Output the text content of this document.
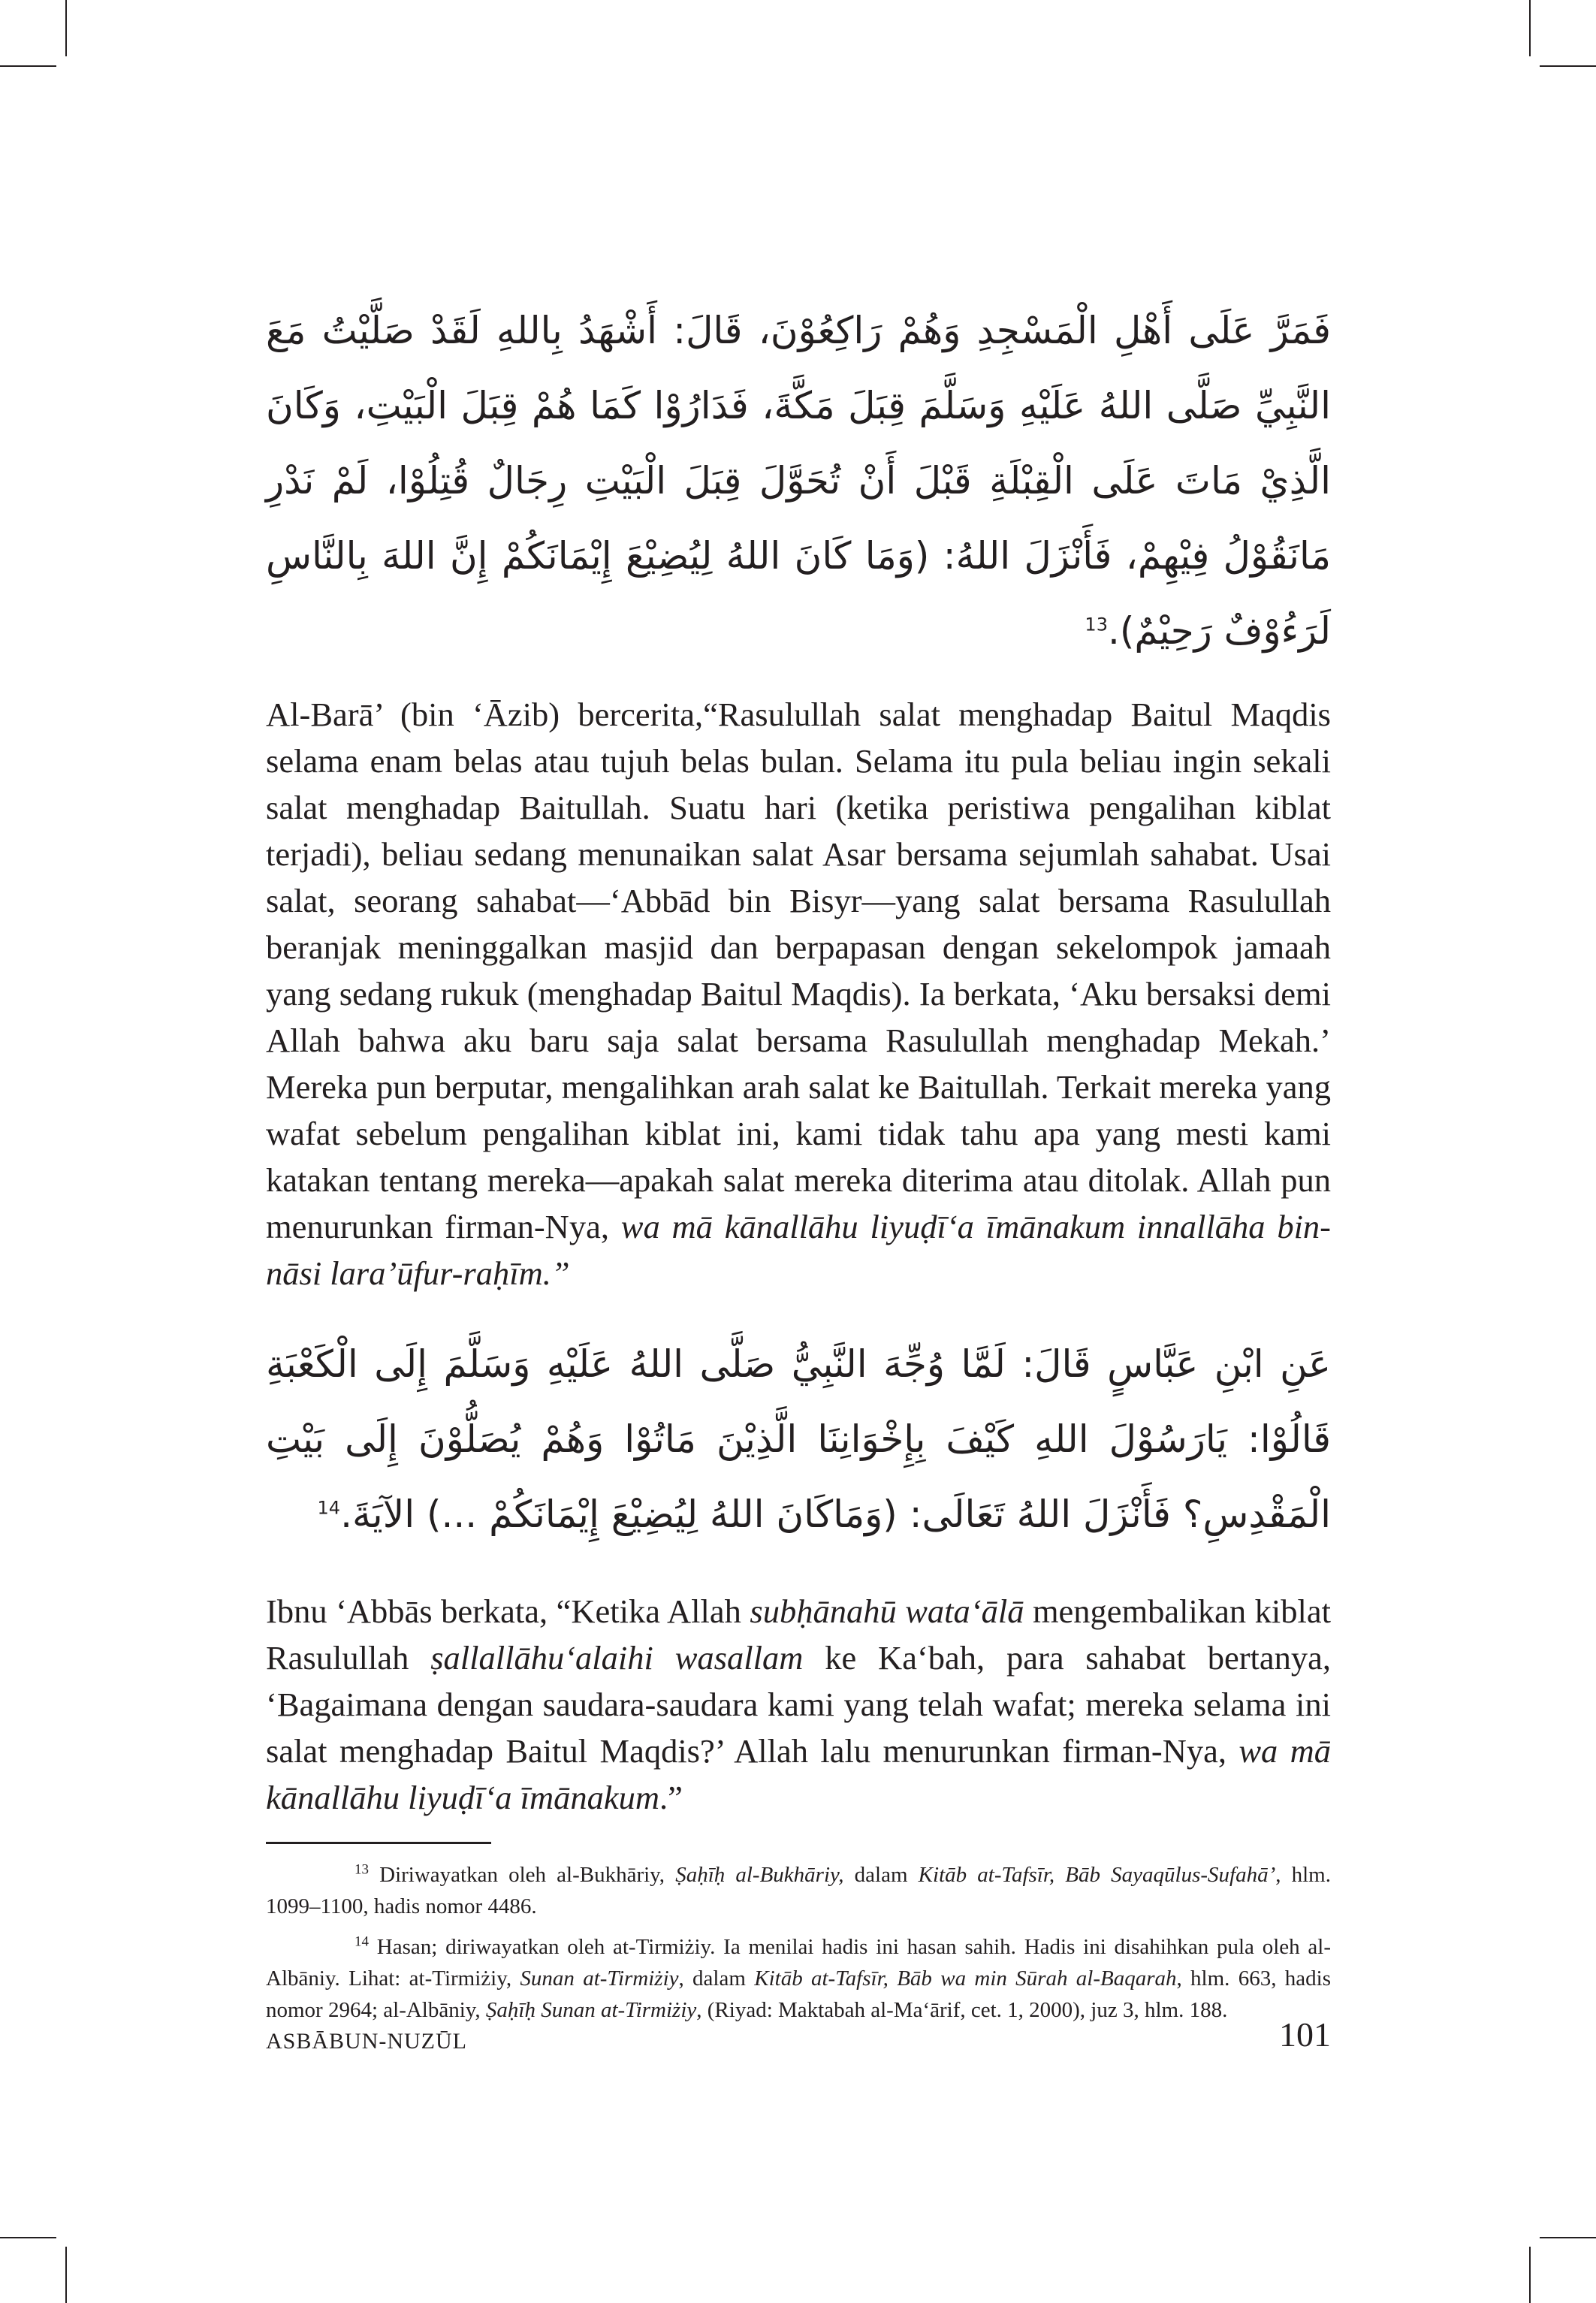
فَمَرَّ عَلَى أَهْلِ الْمَسْجِدِ وَهُمْ رَاكِعُوْنَ، قَالَ: أَشْهَدُ بِاللهِ لَقَدْ صَلَّيْتُ مَعَ النَّبِيِّ صَلَّى اللهُ عَلَيْهِ وَسَلَّمَ قِبَلَ مَكَّةَ، فَدَارُوْا كَمَا هُمْ قِبَلَ الْبَيْتِ، وَكَانَ الَّذِيْ مَاتَ عَلَى الْقِبْلَةِ قَبْلَ أَنْ تُحَوَّلَ قِبَلَ الْبَيْتِ رِجَالٌ قُتِلُوْا، لَمْ نَدْرِ مَانَقُوْلُ فِيْهِمْ، فَأَنْزَلَ اللهُ: (وَمَا كَانَ اللهُ لِيُضِيْعَ إِيْمَانَكُمْ إِنَّ اللهَ بِالنَّاسِ لَرَءُوْفٌ رَحِيْمٌ).$^{13}$

Al-Barā’ (bin ‘Āzib) bercerita,“Rasulullah salat menghadap Baitul Maqdis selama enam belas atau tujuh belas bulan. Selama itu pula beliau ingin sekali salat menghadap Baitullah. Suatu hari (ketika peristiwa pengalihan kiblat terjadi), beliau sedang menunaikan salat Asar bersama sejumlah sahabat. Usai salat, seorang sahabat—‘Abbād bin Bisyr—yang salat bersama Rasulullah beranjak meninggalkan masjid dan berpapasan dengan sekelompok jamaah yang sedang rukuk (menghadap Baitul Maqdis). Ia berkata, ‘Aku bersaksi demi Allah bahwa aku baru saja salat bersama Rasulullah menghadap Mekah.’ Mereka pun berputar, mengalihkan arah salat ke Baitullah. Terkait mereka yang wafat sebelum pengalihan kiblat ini, kami tidak tahu apa yang mesti kami katakan tentang mereka—apakah salat mereka diterima atau ditolak. Allah pun menurunkan firman-Nya, wa mā kānallāhu liyuḍī‘a īmānakum innallāha bin-nāsi lara’ūfur-raḥīm.”

عَنِ ابْنِ عَبَّاسٍ قَالَ: لَمَّا وُجِّهَ النَّبِيُّ صَلَّى اللهُ عَلَيْهِ وَسَلَّمَ إِلَى الْكَعْبَةِ قَالُوْا: يَارَسُوْلَ اللهِ كَيْفَ بِإِخْوَانِنَا الَّذِيْنَ مَاتُوْا وَهُمْ يُصَلُّوْنَ إِلَى بَيْتِ الْمَقْدِسِ؟ فَأَنْزَلَ اللهُ تَعَالَى: (وَمَاكَانَ اللهُ لِيُضِيْعَ إِيْمَانَكُمْ ...) الآيَةَ.$^{14}$

Ibnu ‘Abbās berkata, “Ketika Allah subḥānahū wata‘ālā mengembalikan kiblat Rasulullah ṣallallāhu‘alaihi wasallam ke Ka‘bah, para sahabat bertanya, ‘Bagaimana dengan saudara-saudara kami yang telah wafat; mereka selama ini salat menghadap Baitul Maqdis?’ Allah lalu menurunkan firman-Nya, wa mā kānallāhu liyuḍī‘a īmānakum.”

$^{13}$ Diriwayatkan oleh al-Bukhāriy, Ṣaḥīḥ al-Bukhāriy, dalam Kitāb at-Tafsīr, Bāb Sayaqūlus-Sufahā’, hlm. 1099–1100, hadis nomor 4486.

$^{14}$ Hasan; diriwayatkan oleh at-Tirmiżiy. Ia menilai hadis ini hasan sahih. Hadis ini disahihkan pula oleh al-Albāniy. Lihat: at-Tirmiżiy, Sunan at-Tirmiżiy, dalam Kitāb at-Tafsīr, Bāb wa min Sūrah al-Baqarah, hlm. 663, hadis nomor 2964; al-Albāniy, Ṣaḥīḥ Sunan at-Tirmiżiy, (Riyad: Maktabah al-Ma‘ārif, cet. 1, 2000), juz 3, hlm. 188.

ASBĀBUN-NUZŪL	101
